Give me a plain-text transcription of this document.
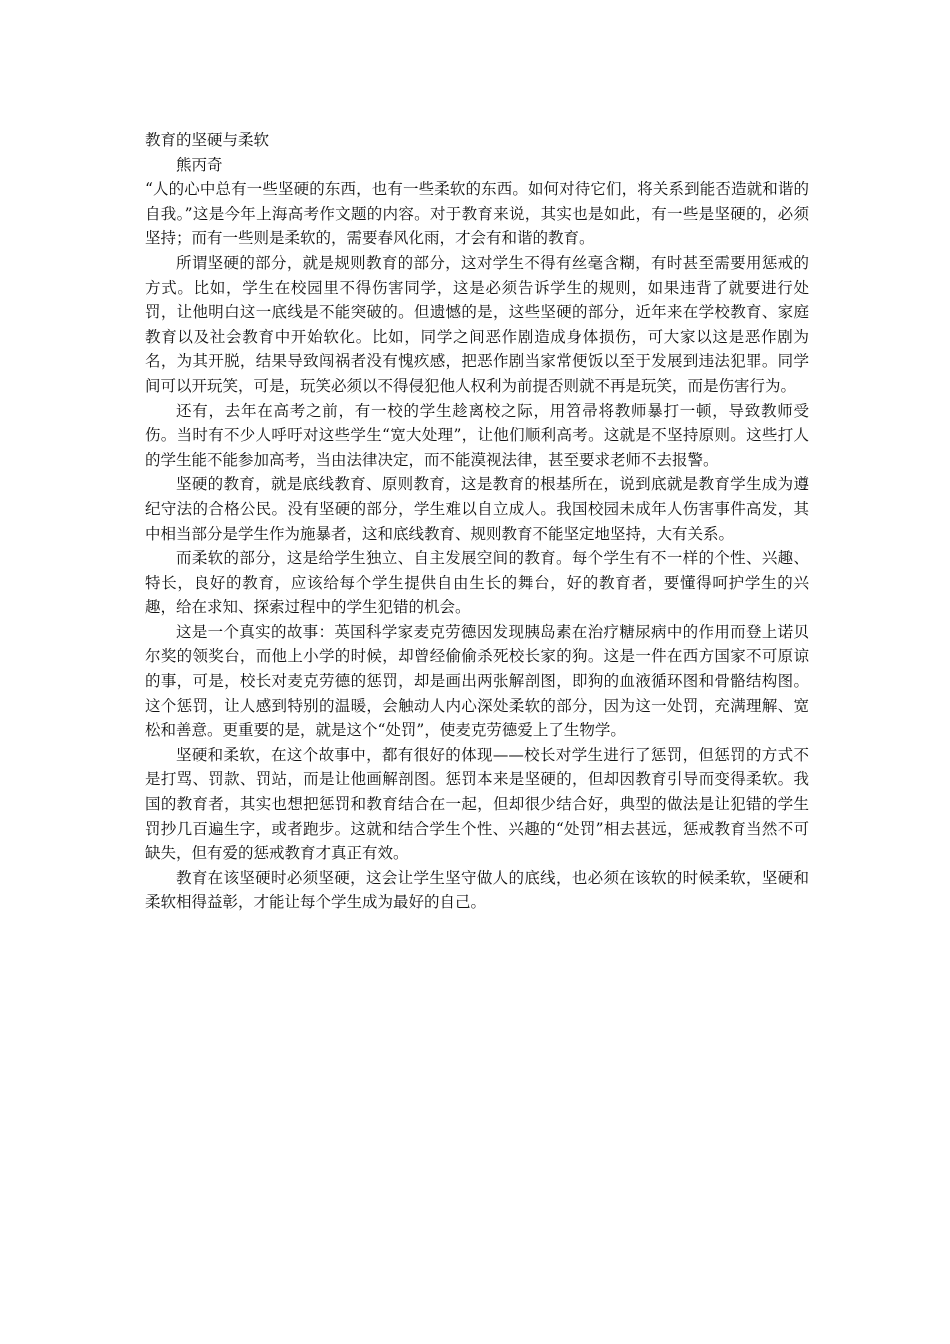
教育的坚硬与柔软

熊丙奇

“人的心中总有一些坚硬的东西，也有一些柔软的东西。如何对待它们，将关系到能否造就和谐的自我。”这是今年上海高考作文题的内容。对于教育来说，其实也是如此，有一些是坚硬的，必须坚持；而有一些则是柔软的，需要春风化雨，才会有和谐的教育。

所谓坚硬的部分，就是规则教育的部分，这对学生不得有丝毫含糊，有时甚至需要用惩戒的方式。比如，学生在校园里不得伤害同学，这是必须告诉学生的规则，如果违背了就要进行处罚，让他明白这一底线是不能突破的。但遗憾的是，这些坚硬的部分，近年来在学校教育、家庭教育以及社会教育中开始软化。比如，同学之间恶作剧造成身体损伤，可大家以这是恶作剧为名，为其开脱，结果导致闯祸者没有愧疚感，把恶作剧当家常便饭以至于发展到违法犯罪。同学间可以开玩笑，可是，玩笑必须以不得侵犯他人权利为前提否则就不再是玩笑，而是伤害行为。

还有，去年在高考之前，有一校的学生趁离校之际，用笤帚将教师暴打一顿，导致教师受伤。当时有不少人呼吁对这些学生“宽大处理”，让他们顺利高考。这就是不坚持原则。这些打人的学生能不能参加高考，当由法律决定，而不能漠视法律，甚至要求老师不去报警。

坚硬的教育，就是底线教育、原则教育，这是教育的根基所在，说到底就是教育学生成为遵纪守法的合格公民。没有坚硬的部分，学生难以自立成人。我国校园未成年人伤害事件高发，其中相当部分是学生作为施暴者，这和底线教育、规则教育不能坚定地坚持，大有关系。

而柔软的部分，这是给学生独立、自主发展空间的教育。每个学生有不一样的个性、兴趣、特长，良好的教育，应该给每个学生提供自由生长的舞台，好的教育者，要懂得呵护学生的兴趣，给在求知、探索过程中的学生犯错的机会。

这是一个真实的故事：英国科学家麦克劳德因发现胰岛素在治疗糖尿病中的作用而登上诺贝尔奖的领奖台，而他上小学的时候，却曾经偷偷杀死校长家的狗。这是一件在西方国家不可原谅的事，可是，校长对麦克劳德的惩罚，却是画出两张解剖图，即狗的血液循环图和骨骼结构图。这个惩罚，让人感到特别的温暖，会触动人内心深处柔软的部分，因为这一处罚，充满理解、宽松和善意。更重要的是，就是这个“处罚”，使麦克劳德爱上了生物学。

坚硬和柔软，在这个故事中，都有很好的体现——校长对学生进行了惩罚，但惩罚的方式不是打骂、罚款、罚站，而是让他画解剖图。惩罚本来是坚硬的，但却因教育引导而变得柔软。我国的教育者，其实也想把惩罚和教育结合在一起，但却很少结合好，典型的做法是让犯错的学生罚抄几百遍生字，或者跑步。这就和结合学生个性、兴趣的“处罚”相去甚远，惩戒教育当然不可缺失，但有爱的惩戒教育才真正有效。

教育在该坚硬时必须坚硬，这会让学生坚守做人的底线，也必须在该软的时候柔软，坚硬和柔软相得益彰，才能让每个学生成为最好的自己。
